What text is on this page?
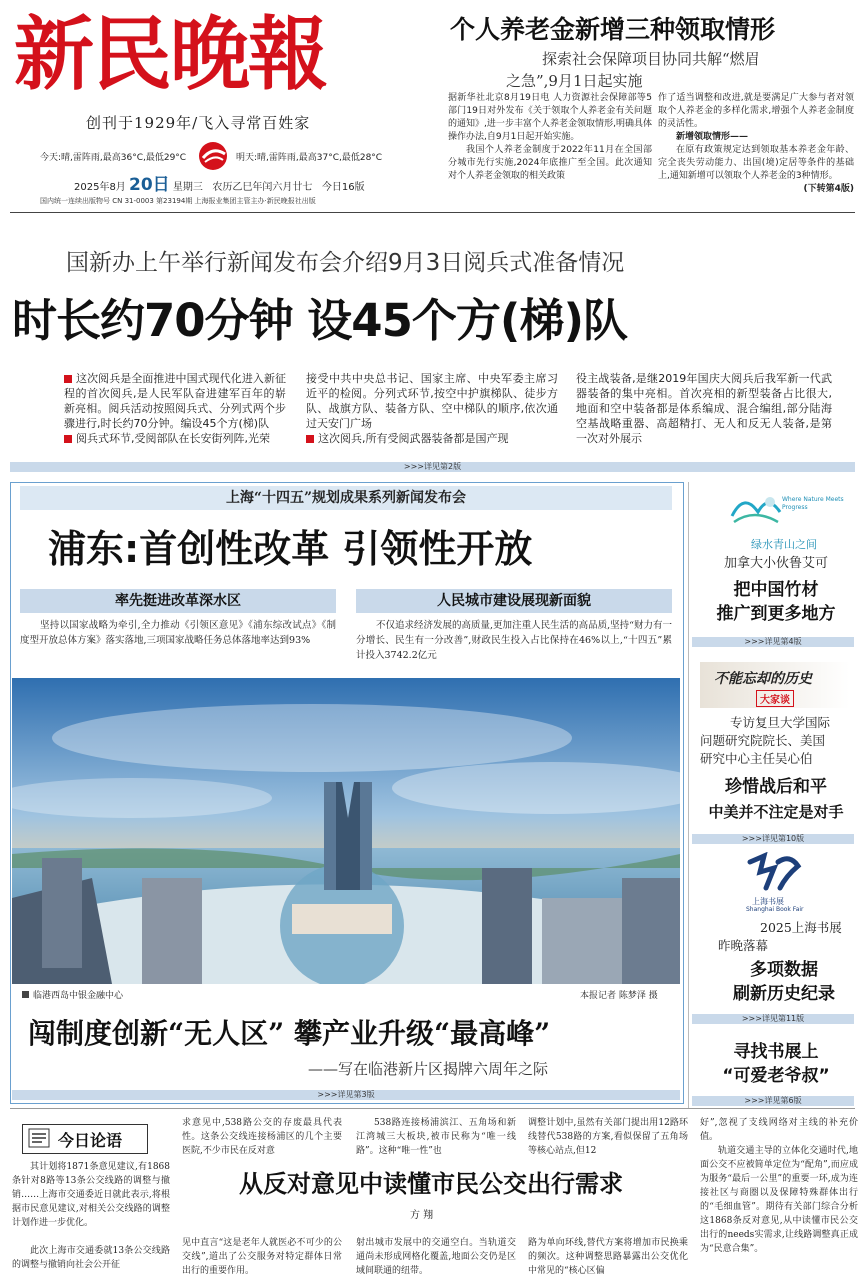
新民晚報
创刊于1929年/飞入寻常百姓家
今天:晴,雷阵雨,最高36°C,最低29°C	明天:晴,雷阵雨,最高37°C,最低28°C
2025年8月 20日 星期三   农历乙巳年闰六月廿七   今日16版
国内统一连续出版物号 CN 31-0003 第23194期 上海报业集团主管主办·新民晚报社出版
个人养老金新增三种领取情形
探索社会保障项目协同共解“燃眉
之急”,9月1日起实施
据新华社北京8月19日电 人力资源社会保障部等5部门19日对外发布《关于领取个人养老金有关问题的通知》,进一步丰富个人养老金领取情形,明确具体操作办法,自9月1日起开始实施。
我国个人养老金制度于2022年11月在全国部分城市先行实施,2024年底推广至全国。此次通知对个人养老金领取的相关政策
作了适当调整和改进,就是要满足广大参与者对领取个人养老金的多样化需求,增强个人养老金制度的灵活性。
新增领取情形——
在原有政策规定达到领取基本养老金年龄、完全丧失劳动能力、出国(境)定居等条件的基础上,通知新增可以领取个人养老金的3种情形。
(下转第4版)
国新办上午举行新闻发布会介绍9月3日阅兵式准备情况
时长约70分钟 设45个方(梯)队
这次阅兵是全面推进中国式现代化进入新征程的首次阅兵,是人民军队奋进建军百年的崭新亮相。阅兵活动按照阅兵式、分列式两个步骤进行,时长约70分钟。编设45个方(梯)队
阅兵式环节,受阅部队在长安街列阵,光荣
接受中共中央总书记、国家主席、中央军委主席习近平的检阅。分列式环节,按空中护旗梯队、徒步方队、战旗方队、装备方队、空中梯队的顺序,依次通过天安门广场
这次阅兵,所有受阅武器装备都是国产现
役主战装备,是继2019年国庆大阅兵后我军新一代武器装备的集中亮相。首次亮相的新型装备占比很大,地面和空中装备都是体系编成、混合编组,部分陆海空基战略重器、高超精打、无人和反无人装备,是第一次对外展示
>>>详见第2版
上海“十四五”规划成果系列新闻发布会
浦东:首创性改革 引领性开放
率先挺进改革深水区
坚持以国家战略为牵引,全力推动《引领区意见》《浦东综改试点》《制度型开放总体方案》落实落地,三项国家战略任务总体落地率达到93%
人民城市建设展现新面貌
不仅追求经济发展的高质量,更加注重人民生活的高品质,坚持“财力有一分增长、民生有一分改善”,财政民生投入占比保持在46%以上,“十四五”累计投入3742.2亿元
临港西岛中银金融中心	本报记者 陈梦泽 摄
闯制度创新“无人区” 攀产业升级“最高峰”
——写在临港新片区揭牌六周年之际
>>>详见第3版
Where Nature Meets Progress
绿水青山之间
加拿大小伙鲁艾可
把中国竹材
推广到更多地方
>>>详见第4版
不能忘却的历史
大家谈
专访复旦大学国际
问题研究院院长、美国
研究中心主任吴心伯
珍惜战后和平
中美并不注定是对手
>>>详见第10版
上海书展
Shanghai Book Fair
2025上海书展
昨晚落幕
多项数据
刷新历史纪录
>>>详见第11版
寻找书展上
“可爱老爷叔”
>>>详见第6版
今日论语
其计划将1871条意见建议,有1868条针对8路等13条公交线路的调整与撤销……上海市交通委近日就此表示,将根据市民意见建议,对相关公交线路的调整计划作进一步优化。
此次上海市交通委就13条公交线路的调整与撤销向社会公开征
求意见中,538路公交的存废最具代表性。这条公交线连接杨浦区的几个主要医院,不少市民在反对意
538路连接杨浦滨江、五角场和新江湾城三大板块,被市民称为“唯一线路”。这种“唯一性”也
调整计划中,虽然有关部门提出用12路环线替代538路的方案,看似保留了五角场等核心站点,但12
从反对意见中读懂市民公交出行需求
方 翔
见中直言“这是老年人就医必不可少的公交线”,道出了公交服务对特定群体日常出行的重要作用。
射出城市发展中的交通空白。当轨道交通尚未形成网格化覆盖,地面公交仍是区域间联通的纽带。
路为单向环线,替代方案将增加市民换乘的频次。这种调整思路暴露出公交优化中常见的“核心区偏
好”,忽视了支线网络对主线的补充价值。
轨道交通主导的立体化交通时代,地面公交不应被简单定位为“配角”,而应成为服务“最后一公里”的重要一环,成为连接社区与商圈以及保障特殊群体出行的“毛细血管”。期待有关部门综合分析这1868条反对意见,从中读懂市民公交出行的needs实需求,让线路调整真正成为“民意合集”。
